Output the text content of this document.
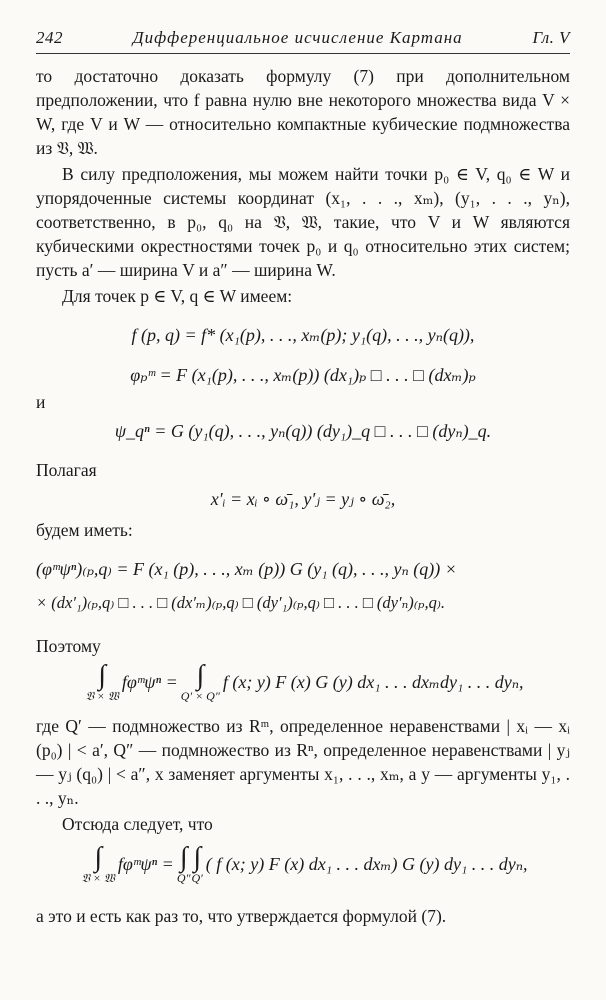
242	Дифференциальное исчисление Картана	Гл. V

то достаточно доказать формулу (7) при дополнительном предположении, что f равна нулю вне некоторого множества вида V × W, где V и W — относительно компактные кубические подмножества из 𝔙, 𝔚.

В силу предположения, мы можем найти точки p₀ ∈ V, q₀ ∈ W и упорядоченные системы координат (x₁, . . ., xₘ), (y₁, . . ., yₙ), соответственно, в p₀, q₀ на 𝔙, 𝔚, такие, что V и W являются кубическими окрестностями точек p₀ и q₀ относительно этих систем; пусть a′ — ширина V и a″ — ширина W.

Для точек p ∈ V, q ∈ W имеем:

f (p, q) = f* (x₁(p), . . ., xₘ(p); y₁(q), . . ., yₙ(q)),
φₚᵐ = F (x₁(p), . . ., xₘ(p)) (dx₁)ₚ □ . . . □ (dxₘ)ₚ
и
ψ_qⁿ = G (y₁(q), . . ., yₙ(q)) (dy₁)_q □ . . . □ (dyₙ)_q.
Полагая
x′ᵢ = xᵢ ∘ ω̄₁, y′ⱼ = yⱼ ∘ ω̄₂,
будем иметь:
(φᵐψⁿ)₍ₚ,q₎ = F (x₁ (p), . . ., xₘ (p)) G (y₁ (q), . . ., yₙ (q)) ×
× (dx′₁)₍ₚ,q₎ □ . . . □ (dx′ₘ)₍ₚ,q₎ □ (dy′₁)₍ₚ,q₎ □ . . . □ (dy′ₙ)₍ₚ,q₎.
Поэтому
∫
𝔙 × 𝔚
fφᵐψⁿ = ∫
Q′ × Q″
f (x; y) F (x) G (y) dx₁ . . . dxₘdy₁ . . . dyₙ,

где Q′ — подмножество из Rᵐ, определенное неравенствами | xᵢ — xᵢ (p₀) | < a′, Q″ — подмножество из Rⁿ, определенное неравенствами | yⱼ — yⱼ (q₀) | < a″, x заменяет аргументы x₁, . . ., xₘ, а y — аргументы y₁, . . ., yₙ.

Отсюда следует, что

∫
𝔙 × 𝔚
fφᵐψⁿ = ∫
Q″
∫
Q′
( f (x; y) F (x) dx₁ . . . dxₘ) G (y) dy₁ . . . dyₙ,

а это и есть как раз то, что утверждается формулой (7).
